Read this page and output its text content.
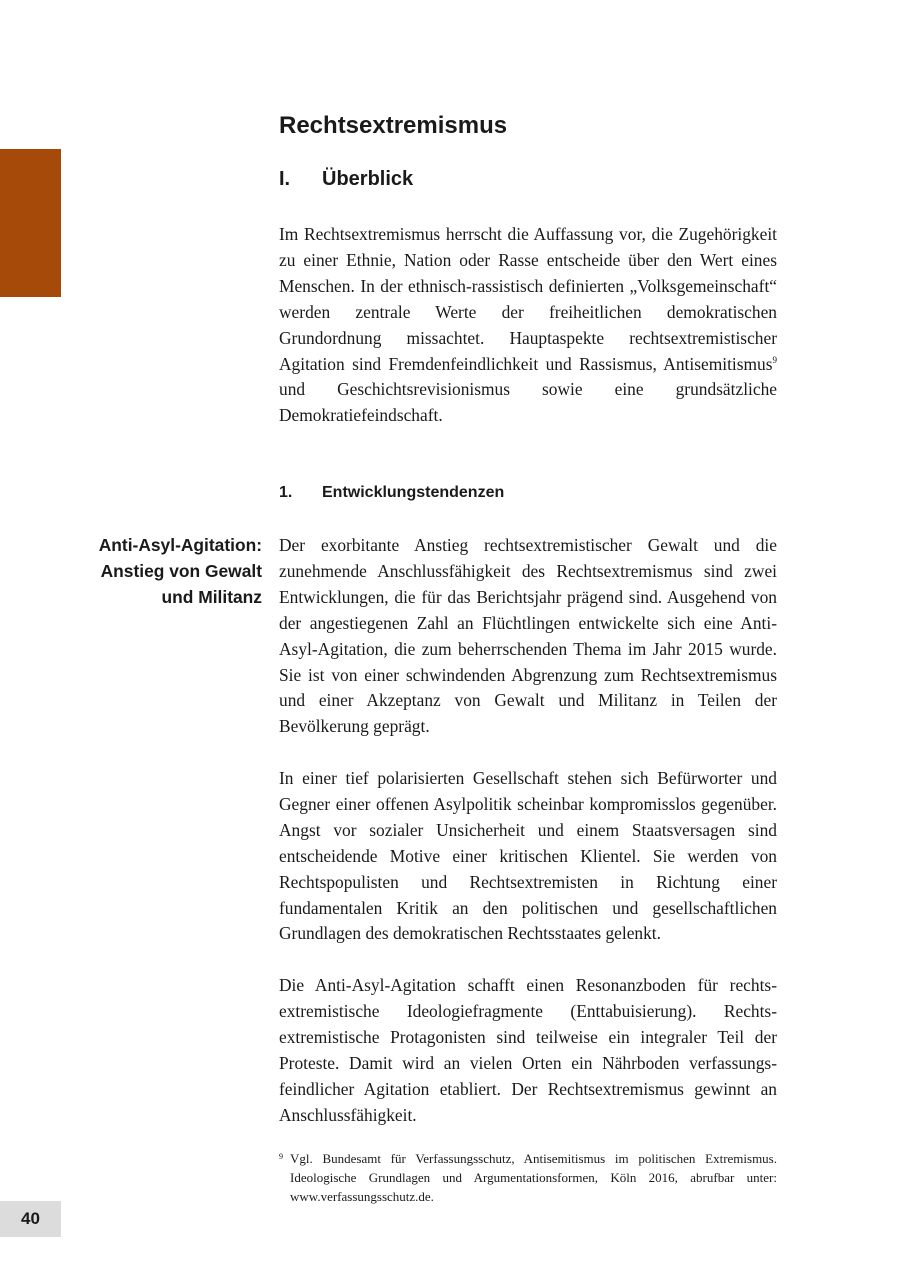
Rechtsextremismus
I.	Überblick

Im Rechtsextremismus herrscht die Auffassung vor, die Zugehörigkeit zu einer Ethnie, Nation oder Rasse entscheide über den Wert eines Menschen. In der ethnisch-rassistisch definierten „Volksgemeinschaft“ werden zentrale Werte der freiheitlichen demokratischen Grundordnung missachtet. Hauptaspekte rechtsextremistischer Agitation sind Fremdenfeindlichkeit und Rassismus, Antisemitismus$^9$ und Geschichtsrevisionismus sowie eine grundsätzliche Demokratiefeindschaft.

1.	Entwicklungstendenzen
Anti-Asyl-Agitation:
Anstieg von Gewalt
und Militanz

Der exorbitante Anstieg rechtsextremistischer Gewalt und die zunehmende Anschlussfähigkeit des Rechtsextremismus sind zwei Entwicklungen, die für das Berichtsjahr prägend sind. Ausgehend von der angestiegenen Zahl an Flüchtlingen entwickelte sich eine Anti-Asyl-Agitation, die zum beherrschenden Thema im Jahr 2015 wurde. Sie ist von einer schwindenden Abgrenzung zum Rechtsextremismus und einer Akzeptanz von Gewalt und Militanz in Teilen der Bevölkerung geprägt.

In einer tief polarisierten Gesellschaft stehen sich Befürworter und Gegner einer offenen Asylpolitik scheinbar kompromisslos gegenüber. Angst vor sozialer Unsicherheit und einem Staatsversagen sind entscheidende Motive einer kritischen Klientel. Sie werden von Rechtspopulisten und Rechtsextremisten in Richtung einer fundamentalen Kritik an den politischen und gesellschaftlichen Grundlagen des demokratischen Rechtsstaates gelenkt.

Die Anti-Asyl-Agitation schafft einen Resonanzboden für rechtsextremistische Ideologiefragmente (Enttabuisierung). Rechtsextremistische Protagonisten sind teilweise ein integraler Teil der Proteste. Damit wird an vielen Orten ein Nährboden verfassungsfeindlicher Agitation etabliert. Der Rechtsextremismus gewinnt an Anschlussfähigkeit.

9 Vgl. Bundesamt für Verfassungsschutz, Antisemitismus im politischen Extremismus. Ideologische Grundlagen und Argumentationsformen, Köln 2016, abrufbar unter: www.verfassungsschutz.de.
40
